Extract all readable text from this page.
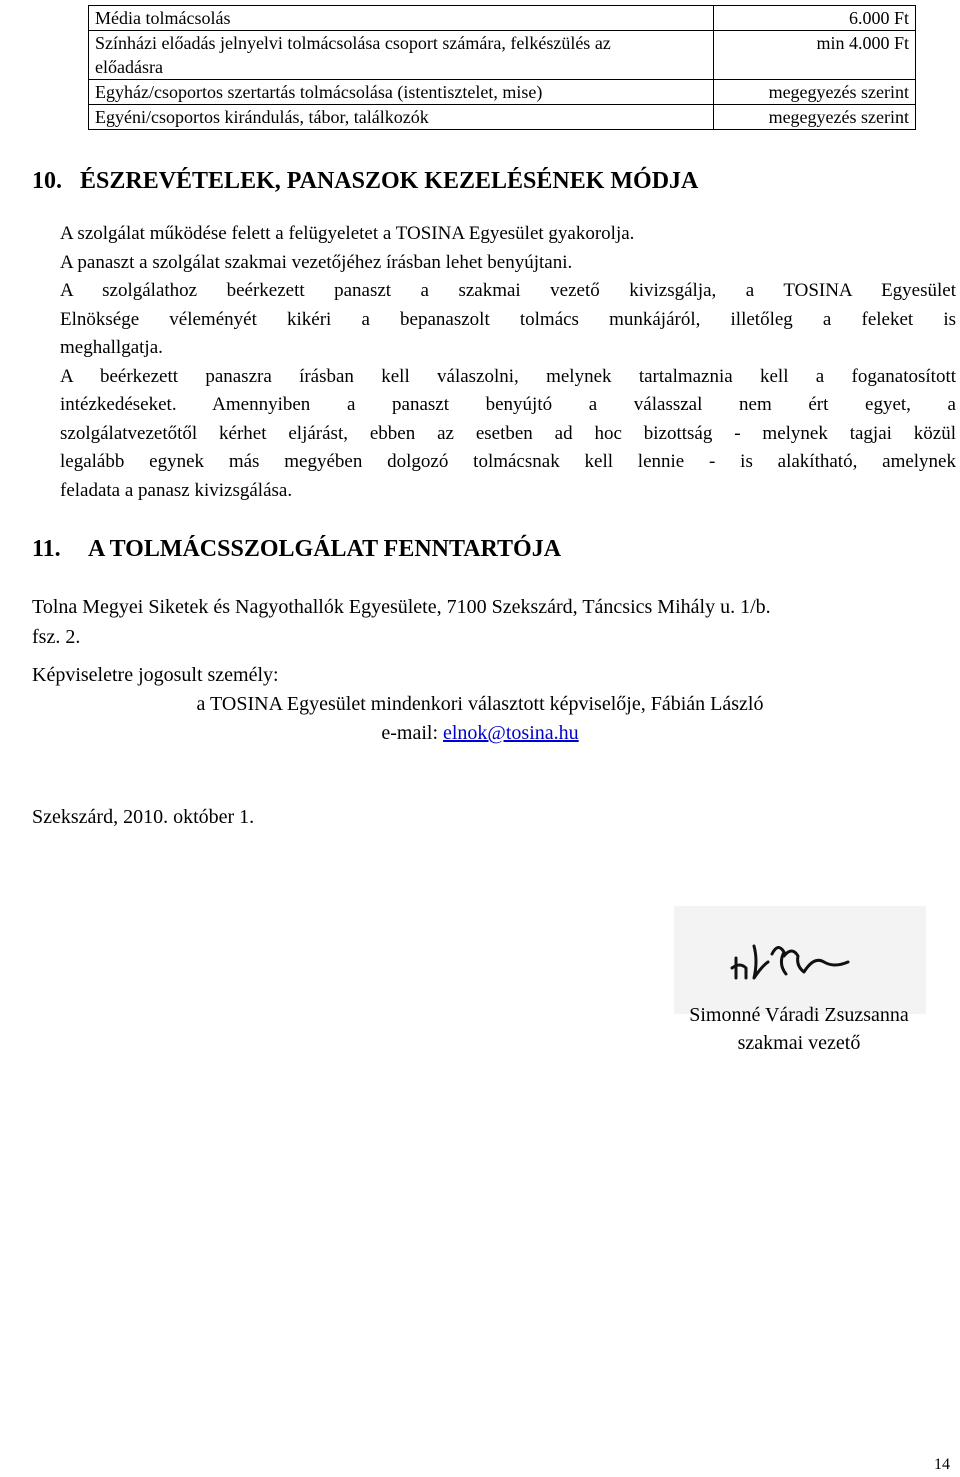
Média tolmácsolás	6.000 Ft

Színházi előadás jelnyelvi tolmácsolása csoport számára, felkészülés az
előadásra	min 4.000 Ft

Egyház/csoportos szertartás tolmácsolása (istentisztelet, mise)	megegyezés szerint

Egyéni/csoportos kirándulás, tábor, találkozók	megegyezés szerint
10. ÉSZREVÉTELEK, PANASZOK KEZELÉSÉNEK MÓDJA
A szolgálat működése felett a felügyeletet a TOSINA Egyesület gyakorolja.
A panaszt a szolgálat szakmai vezetőjéhez írásban lehet benyújtani.
A szolgálathoz beérkezett panaszt a szakmai vezető kivizsgálja, a TOSINA Egyesület
Elnöksége véleményét kikéri a bepanaszolt tolmács munkájáról, illetőleg a feleket is
meghallgatja.
A beérkezett panaszra írásban kell válaszolni, melynek tartalmaznia kell a foganatosított
intézkedéseket. Amennyiben a panaszt benyújtó a válasszal nem ért egyet, a
szolgálatvezetőtől kérhet eljárást, ebben az esetben ad hoc bizottság - melynek tagjai közül
legalább egynek más megyében dolgozó tolmácsnak kell lennie - is alakítható, amelynek
feladata a panasz kivizsgálása.
11. A TOLMÁCSSZOLGÁLAT FENNTARTÓJA
Tolna Megyei Siketek és Nagyothallók Egyesülete, 7100 Szekszárd, Táncsics Mihály u. 1/b.
fsz. 2.
Képviseletre jogosult személy:
a TOSINA Egyesület mindenkori választott képviselője, Fábián László
e-mail: elnok@tosina.hu
Szekszárd, 2010. október 1.
Simonné Váradi Zsuzsanna
szakmai vezető
14
